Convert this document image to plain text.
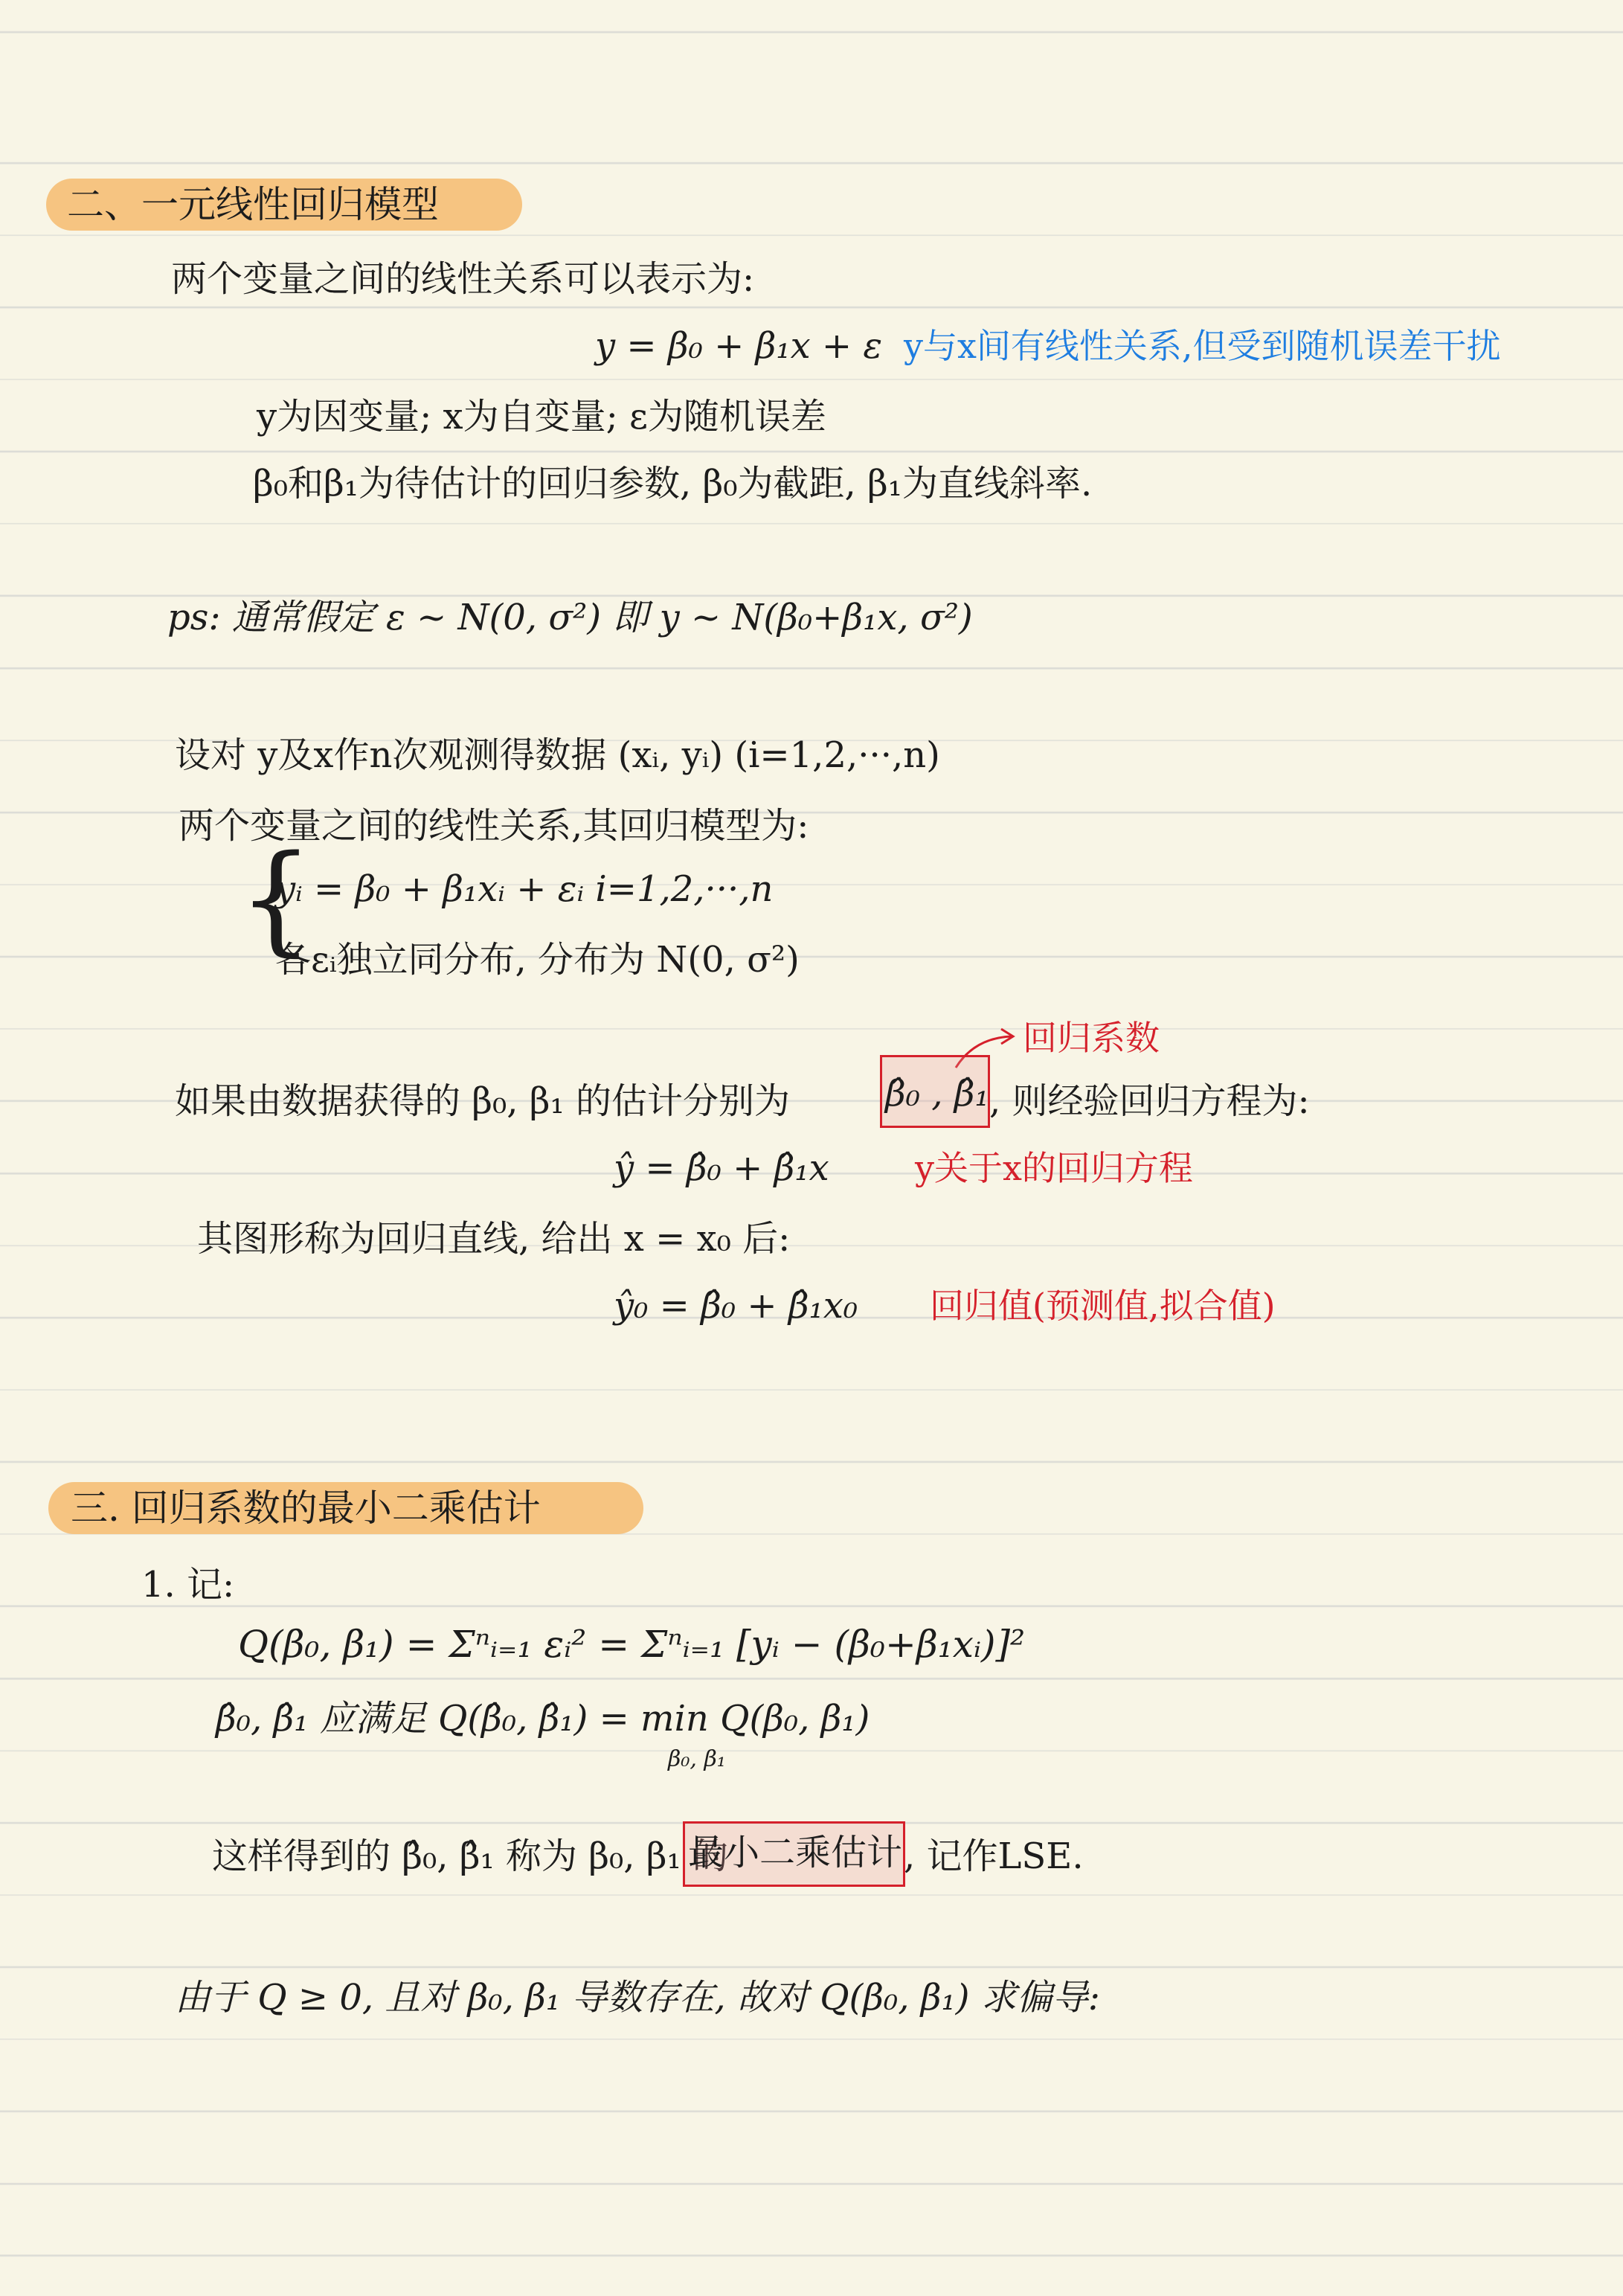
二、一元线性回归模型
两个变量之间的线性关系可以表示为:
y = β₀ + β₁x + ε y与x间有线性关系,但受到随机误差干扰
y为因变量; x为自变量; ε为随机误差
β₀和β₁为待估计的回归参数, β₀为截距, β₁为直线斜率.
ps: 通常假定 ε ~ N(0, σ²) 即 y ~ N(β₀+β₁x, σ²)
设对 y及x作n次观测得数据 (xᵢ, yᵢ) (i=1,2,···,n)
两个变量之间的线性关系,其回归模型为:
{
yᵢ = β₀ + β₁xᵢ + εᵢ i=1,2,···,n
各εᵢ独立同分布, 分布为 N(0, σ²)
回归系数
如果由数据获得的 β₀, β₁ 的估计分别为	β̂₀ , β̂₁ , 则经验回归方程为:
ŷ = β̂₀ + β̂₁x	y关于x的回归方程
其图形称为回归直线, 给出 x = x₀ 后:
ŷ₀ = β̂₀ + β̂₁x₀ 回归值(预测值,拟合值)
三. 回归系数的最小二乘估计
1. 记:
Q(β₀, β₁) = Σⁿᵢ₌₁ εᵢ² = Σⁿᵢ₌₁ [yᵢ − (β₀+β₁xᵢ)]²
β̂₀, β̂₁ 应满足 Q(β̂₀, β̂₁) = min Q(β₀, β₁)
β₀, β₁
这样得到的 β̂₀, β̂₁ 称为 β₀, β₁ 的
最小二乘估计 , 记作LSE.
由于 Q ≥ 0, 且对 β₀, β₁ 导数存在, 故对 Q(β₀, β₁) 求偏导:
